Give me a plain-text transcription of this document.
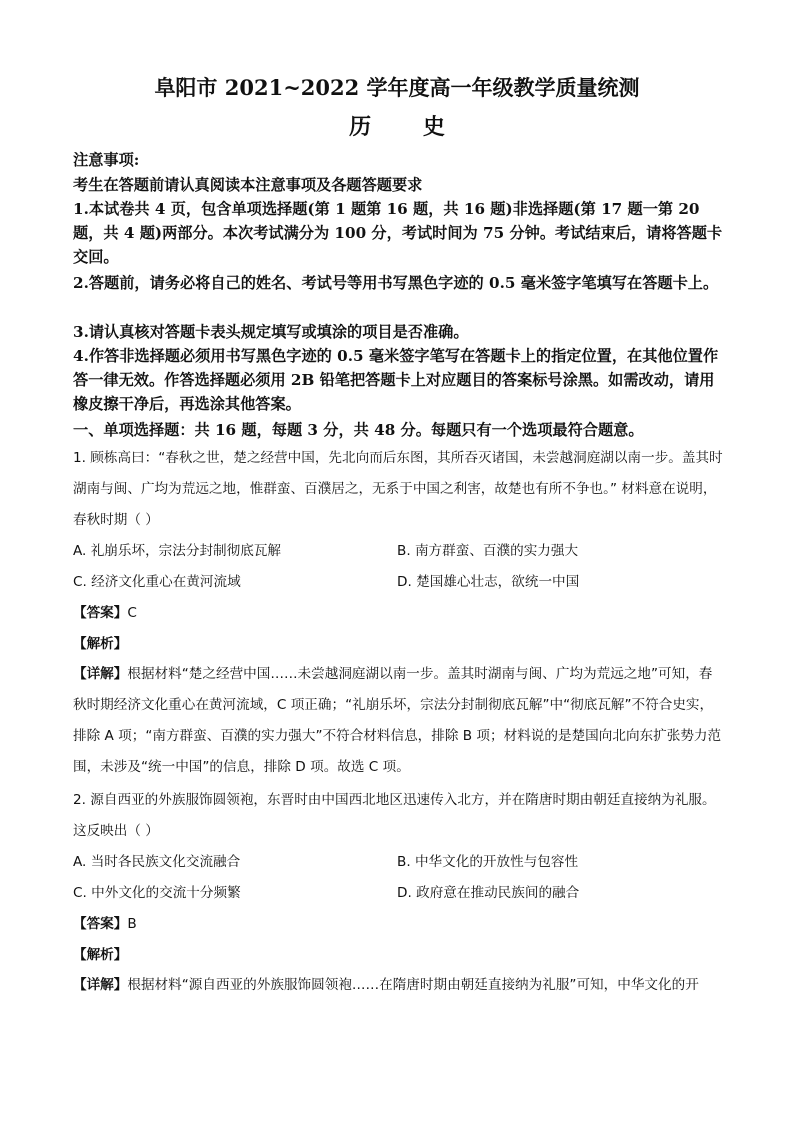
阜阳市 2021~2022 学年度高一年级教学质量统测
历 史
注意事项:
考生在答题前请认真阅读本注意事项及各题答题要求
1.本试卷共 4 页，包含单项选择题(第 1 题第 16 题，共 16 题)非选择题(第 17 题一第 20 题，共 4 题)两部分。本次考试满分为 100 分，考试时间为 75 分钟。考试结束后，请将答题卡交回。
2.答题前，请务必将自己的姓名、考试号等用书写黑色字迹的 0.5 毫米签字笔填写在答题卡上。
3.请认真核对答题卡表头规定填写或填涂的项目是否准确。
4.作答非选择题必须用书写黑色字迹的 0.5 毫米签字笔写在答题卡上的指定位置，在其他位置作答一律无效。作答选择题必须用 2B 铅笔把答题卡上对应题目的答案标号涂黑。如需改动，请用橡皮擦干净后，再选涂其他答案。
一、单项选择题：共 16 题，每题 3 分，共 48 分。每题只有一个选项最符合题意。
1. 顾栋高曰：“春秋之世，楚之经营中国，先北向而后东图，其所吞灭诸国，未尝越洞庭湖以南一步。盖其时湖南与闽、广均为荒远之地，惟群蛮、百濮居之，无系于中国之利害，故楚也有所不争也。” 材料意在说明，春秋时期（ ）
A. 礼崩乐坏，宗法分封制彻底瓦解	B. 南方群蛮、百濮的实力强大
C. 经济文化重心在黄河流域	D. 楚国雄心壮志，欲统一中国
【答案】C
【解析】
【详解】根据材料“楚之经营中国……未尝越洞庭湖以南一步。盖其时湖南与闽、广均为荒远之地”可知，春秋时期经济文化重心在黄河流域，C 项正确；“礼崩乐坏，宗法分封制彻底瓦解”中“彻底瓦解”不符合史实，排除 A 项；“南方群蛮、百濮的实力强大”不符合材料信息，排除 B 项；材料说的是楚国向北向东扩张势力范围，未涉及“统一中国”的信息，排除 D 项。故选 C 项。
2. 源自西亚的外族服饰圆领袍，东晋时由中国西北地区迅速传入北方，并在隋唐时期由朝廷直接纳为礼服。这反映出（ ）
A. 当时各民族文化交流融合	B. 中华文化的开放性与包容性
C. 中外文化的交流十分频繁	D. 政府意在推动民族间的融合
【答案】B
【解析】
【详解】根据材料“源自西亚的外族服饰圆领袍……在隋唐时期由朝廷直接纳为礼服”可知，中华文化的开
